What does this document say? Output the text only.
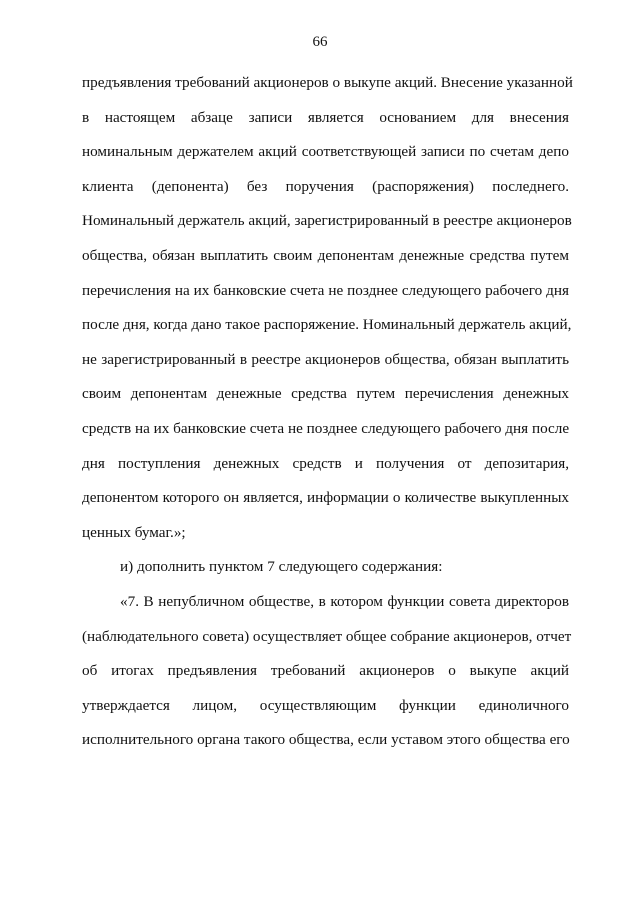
66
предъявления требований акционеров о выкупе акций. Внесение указанной
в настоящем абзаце записи является основанием для внесения
номинальным держателем акций соответствующей записи по счетам депо
клиента (депонента) без поручения (распоряжения) последнего.
Номинальный держатель акций, зарегистрированный в реестре акционеров
общества, обязан выплатить своим депонентам денежные средства путем
перечисления на их банковские счета не позднее следующего рабочего дня
после дня, когда дано такое распоряжение. Номинальный держатель акций,
не зарегистрированный в реестре акционеров общества, обязан выплатить
своим депонентам денежные средства путем перечисления денежных
средств на их банковские счета не позднее следующего рабочего дня после
дня поступления денежных средств и получения от депозитария,
депонентом которого он является, информации о количестве выкупленных
ценных бумаг.»;
и) дополнить пунктом 7 следующего содержания:
«7. В непубличном обществе, в котором функции совета директоров
(наблюдательного совета) осуществляет общее собрание акционеров, отчет
об итогах предъявления требований акционеров о выкупе акций
утверждается лицом, осуществляющим функции единоличного
исполнительного органа такого общества, если уставом этого общества его
